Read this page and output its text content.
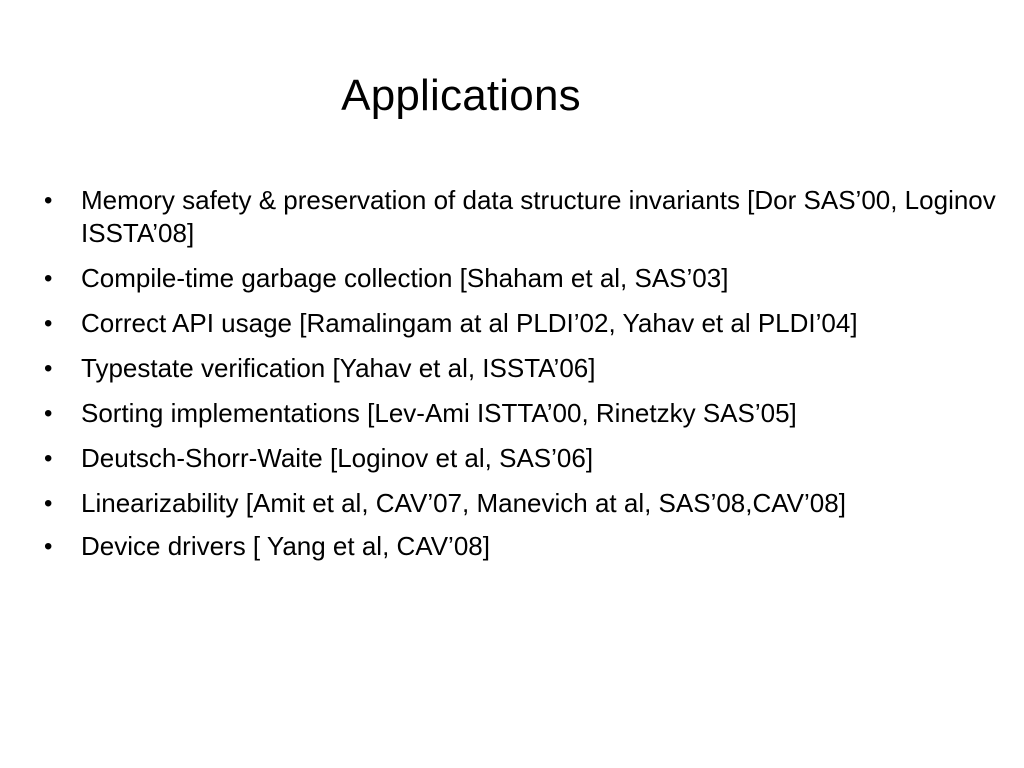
Applications
•	Memory safety & preservation of data structure invariants [Dor SAS’00, Loginov ISSTA’08]
•	Compile-time garbage collection [Shaham et al, SAS’03]
•	Correct API usage [Ramalingam at al PLDI’02, Yahav et al PLDI’04]
•	Typestate verification [Yahav et al, ISSTA’06]
•	Sorting implementations [Lev-Ami ISTTA’00, Rinetzky SAS’05]
•	Deutsch-Shorr-Waite [Loginov et al, SAS’06]
•	Linearizability [Amit et al, CAV’07, Manevich at al, SAS’08,CAV’08]
•	Device drivers [ Yang et al, CAV’08]
